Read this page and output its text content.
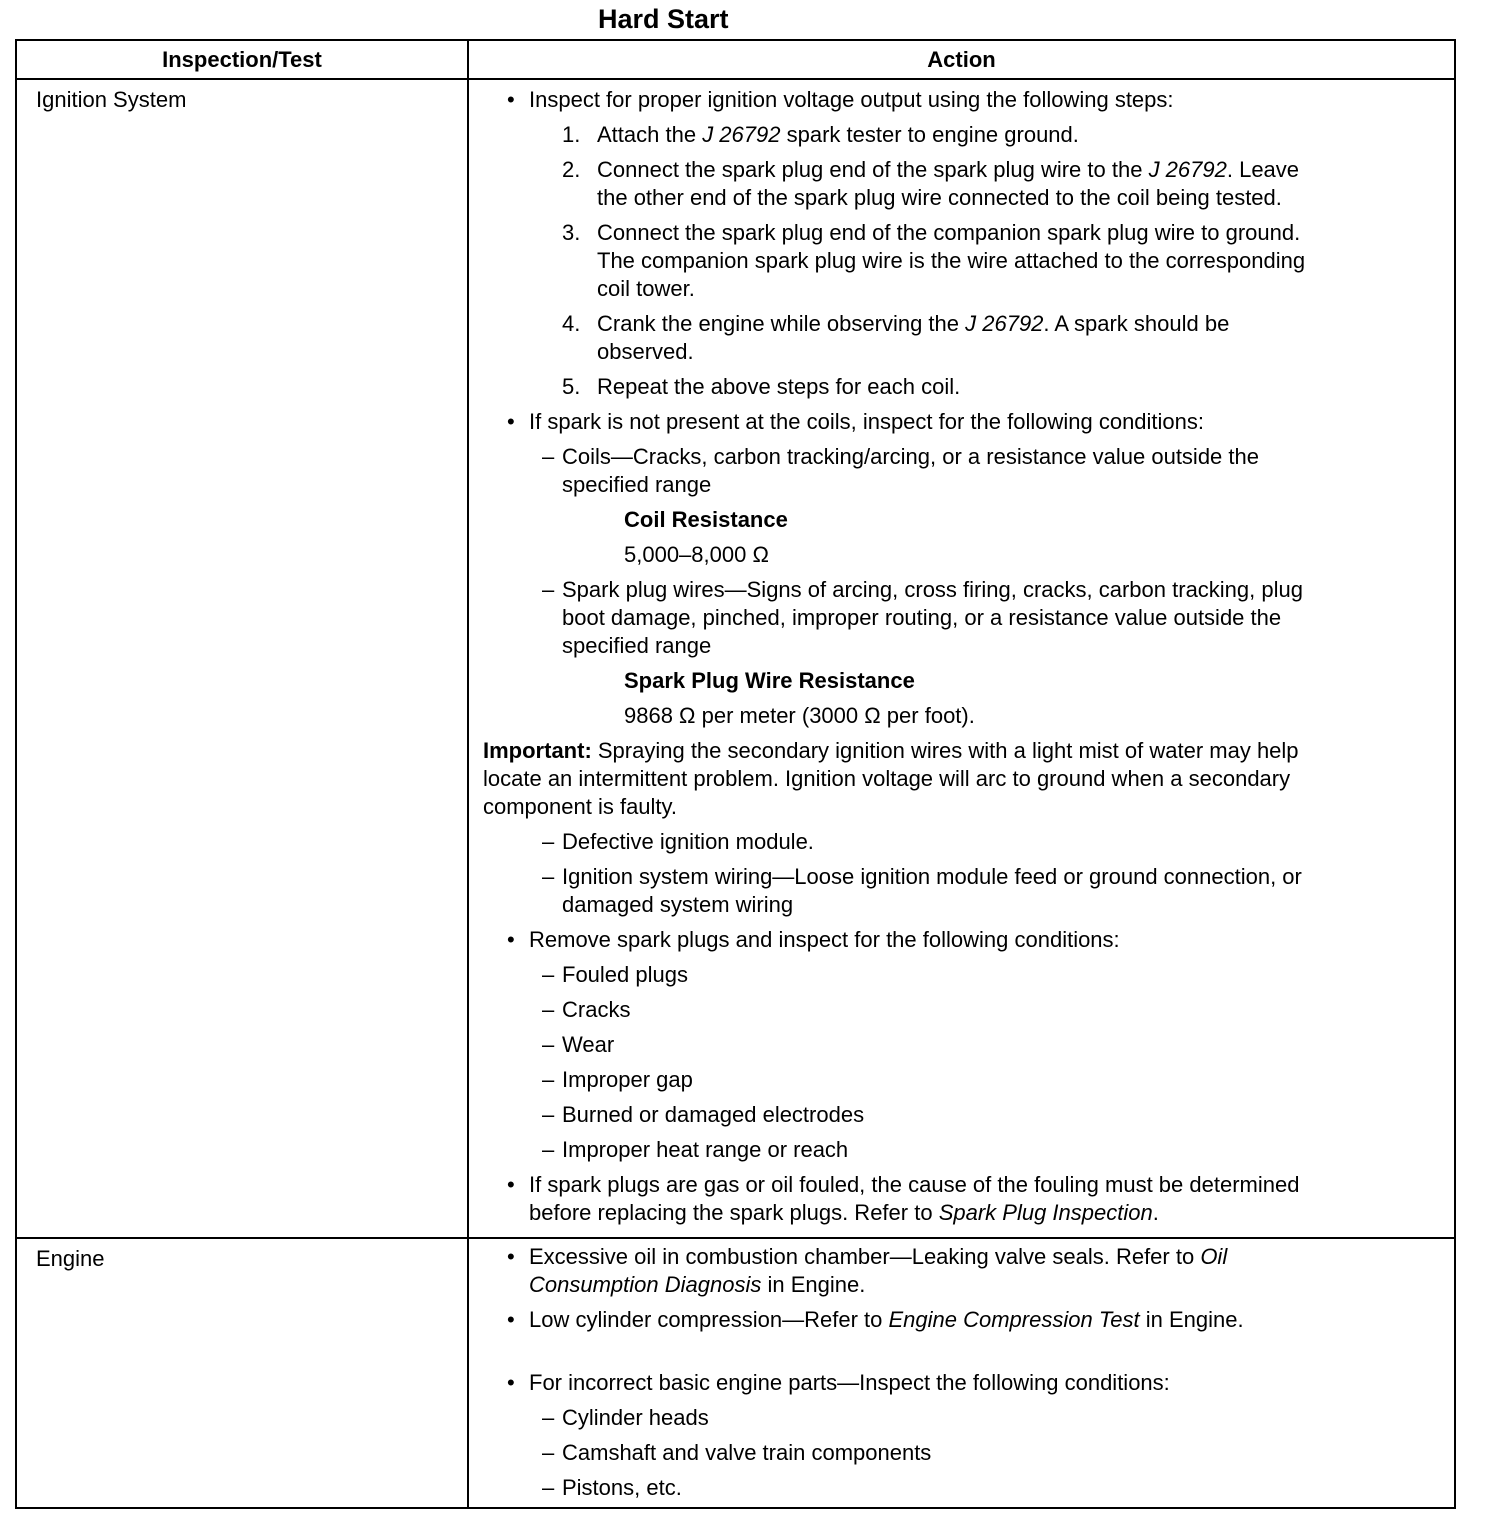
Hard Start
Inspection/Test	Action
Ignition System	• Inspect for proper ignition voltage output using the following steps:
1. Attach the J 26792 spark tester to engine ground.
2. Connect the spark plug end of the spark plug wire to the J 26792. Leave
the other end of the spark plug wire connected to the coil being tested.
3. Connect the spark plug end of the companion spark plug wire to ground.
The companion spark plug wire is the wire attached to the corresponding
coil tower.
4. Crank the engine while observing the J 26792. A spark should be
observed.
5. Repeat the above steps for each coil.
• If spark is not present at the coils, inspect for the following conditions:
– Coils—Cracks, carbon tracking/arcing, or a resistance value outside the
specified range
Coil Resistance
5,000–8,000 Ω
– Spark plug wires—Signs of arcing, cross firing, cracks, carbon tracking, plug
boot damage, pinched, improper routing, or a resistance value outside the
specified range
Spark Plug Wire Resistance
9868 Ω per meter (3000 Ω per foot).
Important: Spraying the secondary ignition wires with a light mist of water may help
locate an intermittent problem. Ignition voltage will arc to ground when a secondary
component is faulty.
– Defective ignition module.
– Ignition system wiring—Loose ignition module feed or ground connection, or
damaged system wiring
• Remove spark plugs and inspect for the following conditions:
– Fouled plugs
– Cracks
– Wear
– Improper gap
– Burned or damaged electrodes
– Improper heat range or reach
• If spark plugs are gas or oil fouled, the cause of the fouling must be determined
before replacing the spark plugs. Refer to Spark Plug Inspection.
Engine	• Excessive oil in combustion chamber—Leaking valve seals. Refer to Oil
Consumption Diagnosis in Engine.
• Low cylinder compression—Refer to Engine Compression Test in Engine.
• For incorrect basic engine parts—Inspect the following conditions:
– Cylinder heads
– Camshaft and valve train components
– Pistons, etc.
